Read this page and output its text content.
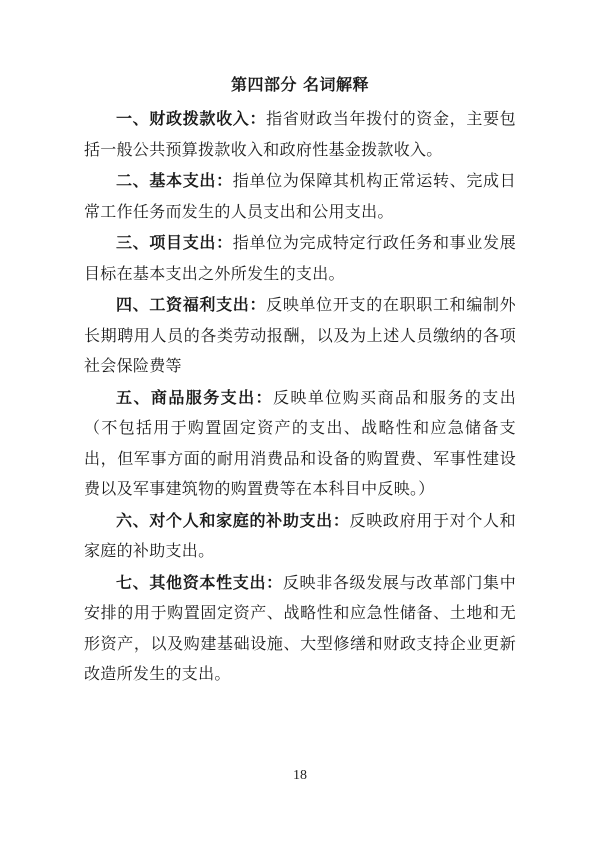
第四部分 名词解释

一、财政拨款收入：指省财政当年拨付的资金，主要包括一般公共预算拨款收入和政府性基金拨款收入。

二、基本支出：指单位为保障其机构正常运转、完成日常工作任务而发生的人员支出和公用支出。

三、项目支出：指单位为完成特定行政任务和事业发展目标在基本支出之外所发生的支出。

四、工资福利支出：反映单位开支的在职职工和编制外长期聘用人员的各类劳动报酬，以及为上述人员缴纳的各项社会保险费等

五、商品服务支出：反映单位购买商品和服务的支出（不包括用于购置固定资产的支出、战略性和应急储备支出，但军事方面的耐用消费品和设备的购置费、军事性建设费以及军事建筑物的购置费等在本科目中反映。）

六、对个人和家庭的补助支出：反映政府用于对个人和家庭的补助支出。

七、其他资本性支出：反映非各级发展与改革部门集中安排的用于购置固定资产、战略性和应急性储备、土地和无形资产，以及购建基础设施、大型修缮和财政支持企业更新改造所发生的支出。

18
